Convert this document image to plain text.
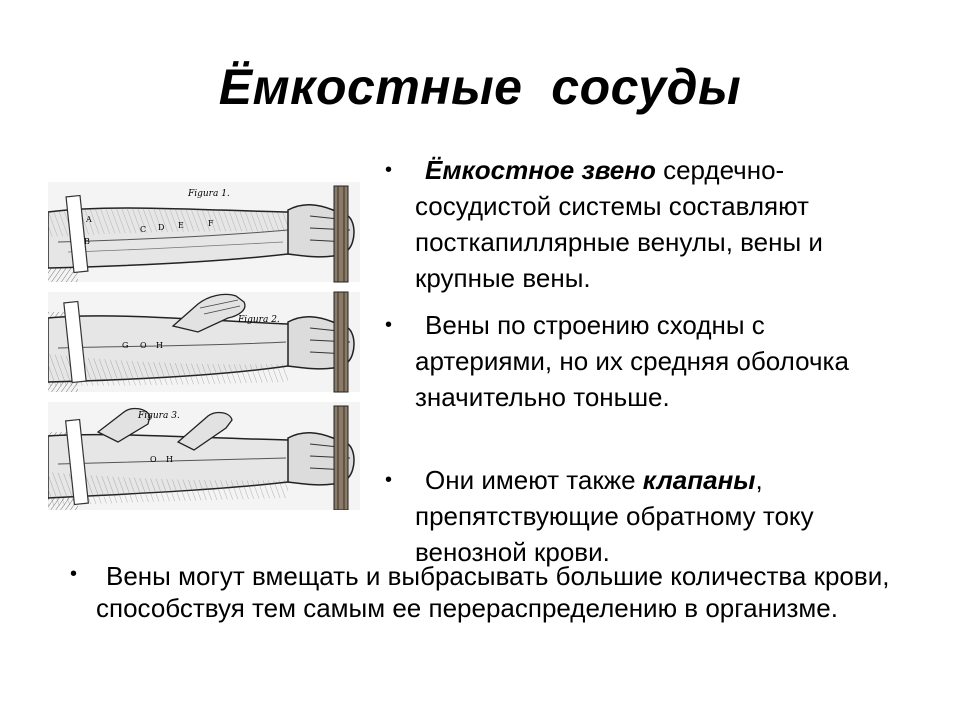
Ёмкостные  сосуды
Figura 1.
A
B
C D E	F
Figura 2.
G O H
Figura 3.
O H
•	Ёмкостное звено сердечно-сосудистой системы составляют посткапиллярные венулы, вены и крупные вены.
•	Вены по строению сходны с артериями, но их средняя оболочка значительно тоньше.
•	Они имеют также клапаны, препятствующие обратному току венозной крови.
•	Вены могут вмещать и выбрасывать большие количества крови, способствуя тем самым ее перераспределению в организме.
